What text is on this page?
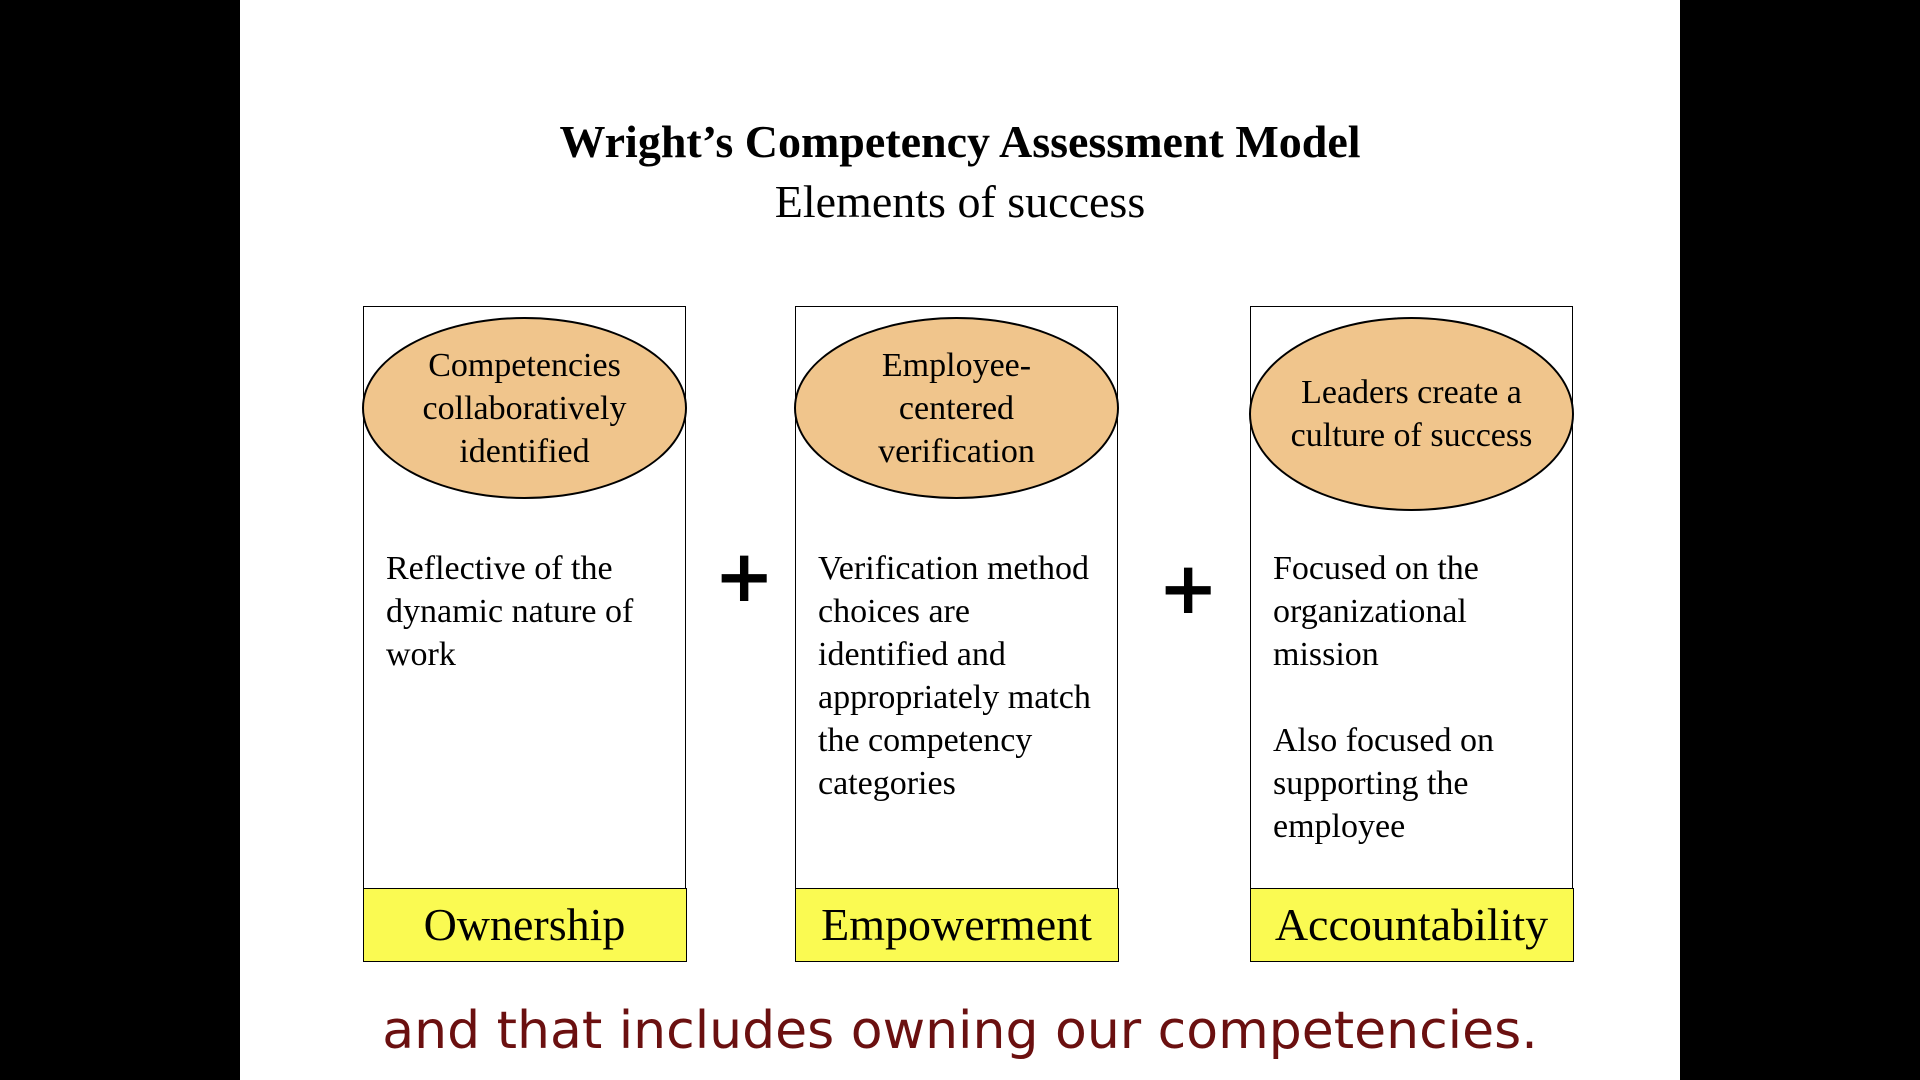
Wright’s Competency Assessment Model
Elements of success
Competencies collaboratively identified

Reflective of the dynamic nature of work

Ownership
+
Employee-centered verification

Verification method choices are identified and appropriately match the competency categories

Empowerment
+
Leaders create a culture of success

Focused on the organizational mission

Also focused on supporting the employee

Accountability
and that includes owning our competencies.
